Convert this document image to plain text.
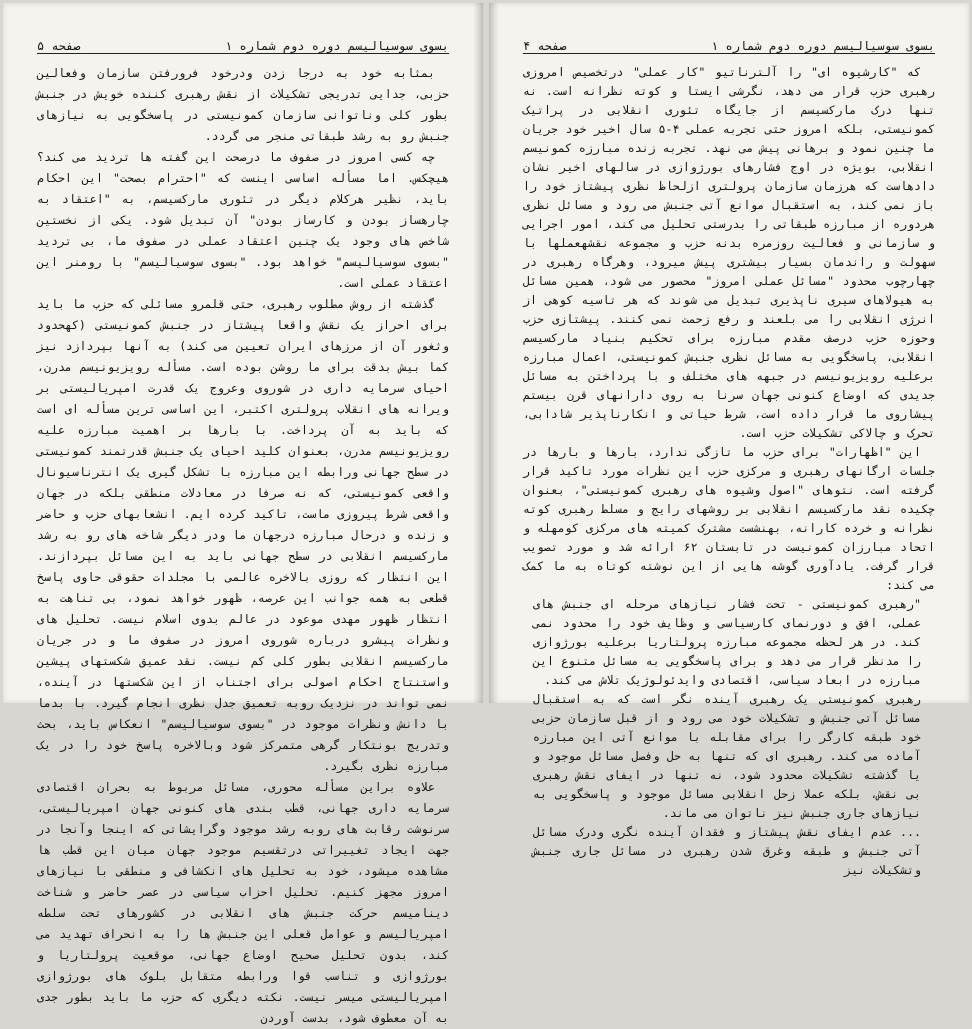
بسوی سوسیالیسم دوره دوم شماره ۱
صفحه ۵

بمثابه خود به درجا زدن ودرخود فرورفتن سازمان وفعالین حزبی، جدایی تدریجی تشکیلات از نقش رهبری کننده خویش در جنبش بطور کلی وناتوانی سازمان کمونیستی در پاسخگویی به نیازهای جنبش رو به رشد طبقاتی منجر می گردد.

چه کسی امروز در صفوف ما درصحت این گفته ها تردید می کند؟ هیچکس. اما مسأله اساسی اینست که "احترام بصحت" این احکام باید، نظیر هرکلام دیگر در تئوری مارکسیسم، به "اعتقاد به چارهساز بودن و کارساز بودن" آن تبدیل شود. یکی از نخستین شاخص های وجود یک چنین اعتقاد عملی در صفوف ما، بی تردید "بسوی سوسیالیسم" خواهد بود. "بسوی سوسیالیسم" با رومنر این اعتقاد عملی است.

گذشته از روش مطلوب رهبری، حتی قلمرو مسائلی که حزب ما باید برای احراز یک نقش واقعا پیشتاز در جنبش کمونیستی (کهحدود وثغور آن از مرزهای ایران تعیین می کند) به آنها بپردازد نیز کما بیش بدقت برای ما روشن بوده است. مسأله رویزیونیسم مدرن، احیای سرمایه داری در شوروی وعروج یک قدرت امپریالیستی بر ویرانه های انقلاب پرولتری اکتبر، این اساسی ترین مسأله ای است که باید به آن پرداخت. با بارها بر اهمیت مبارزه علیه رویزیونیسم مدرن، بعنوان کلید احیای یک جنبش قدرتمند کمونیستی در سطح جهانی ورابطه این مبارزه با تشکل گیری یک انترناسیونال واقعی کمونیستی، که نه صرفا در معادلات منطقی بلکه در جهان واقعی شرط پیروزی ماست، تاکید کرده ایم. انشعابهای حزب و حاضر و زنده و درحال مبارزه درجهان ما ودر دیگر شاخه های رو به رشد مارکسیسم انقلابی در سطح جهانی باید به این مسائل بپردازند. این انتظار که روزی بالاخره عالمی با مجلدات حقوقی حاوی پاسخ قطعی به همه جوانب این عرصه، ظهور خواهد نمود، بی تناهت به انتظار ظهور مهدی موعود در عالم بدوی اسلام نیست. تحلیل های ونظرات پیشرو درباره شوروی امروز در صفوف ما و در جریان مارکسیسم انقلابی بطور کلی کم نیست. نقد عمیق شکستهای پیشین واستنتاج احکام اصولی برای اجتناب از این شکستها در آینده، نمی تواند در نزدیک روبه تعمیق جدل نظری انجام گیرد. با بدما با دانش ونظرات موجود در "بسوی سوسیالیسم" انعکاس باید، بحث وتدریج بونتکار گرهی متمرکز شود وبالاخره پاسخ خود را در یک مبارزه نظری بگیرد.

علاوه براین مسأله محوری، مسائل مربوط به بحران اقتصادی سرمایه داری جهانی، قطب بندی های کنونی جهان امپریالیستی، سرنوشت رقابت های روبه رشد موجود وگرایشاتی که اینجا وآنجا در جهت ایجاد تغییراتی درتقسیم موجود جهان میان این قطب ها مشاهده میشود، خود به تحلیل های انکشافی و منطقی با نیازهای امروز مجهز کنیم. تحلیل احزاب سیاسی در عصر حاضر و شناخت دینامیسم حرکت جنبش های انقلابی در کشورهای تحت سلطه امپریالیسم و عوامل قعلی این جنبش ها را به انحراف تهدید می کند، بدون تحلیل صحیح اوضاع جهانی، موقعیت پرولتاریا و بورژوازی و تناسب قوا ورابطه متقابل بلوک های بورژوازی امپریالیستی میسر نیست. نکته دیگری که حزب ما باید بطور جدی به آن معطوف شود، بدست آوردن

بسوی سوسیالیسم دوره دوم شماره ۱
صفحه ۴

که "کارشیوه ای" را آلترناتیو "کار عملی" درتخصیص امروزی رهبری حزب قرار می دهد، نگرشی ایستا و کوته نظرانه است. نه تنها درک مارکسیسم از جایگاه تئوری انقلابی در پراتیک کمونیستی، بلکه امروز حتی تجربه عملی ۴-۵ سال اخیر خود جریان ما چنین نمود و برهانی پیش می نهد. تجربه زنده مبارزه کمونیسم انقلابی، بویژه در اوج فشارهای بورژوازی در سالهای اخیر نشان دادهاست که هرزمان سازمان پرولتری ازلحاظ نظری پیشتاز خود را باز نمی کند، به استقبال موانع آتی جنبش می رود و مسائل نظری هردوره از مبارزه طبقاتی را بدرستی تحلیل می کند، امور اجرایی و سازمانی و فعالیت روزمره بدنه حزب و مجموعه نقشهعملها با سهولت و راندمان بسیار بیشتری پیش میرود، وهرگاه رهبری در چهارچوب محدود "مسائل عملی امروز" محصور می شود، همین مسائل به هیولاهای سیری ناپذیری تبدیل می شوند که هر تاسیه کوهی از انرژی انقلابی را می بلعند و رفع زحمت نمی کنند. پیشتازی حزب وحوزه حزب درصف مقدم مبارزه برای تحکیم بنیاد مارکسیسم انقلابی، پاسخگویی به مسائل نظری جنبش کمونیستی، اعمال مبارزه برعلیه رویزیونیسم در جبهه های مختلف و با پرداختن به مسائل جدیدی که اوضاع کنونی جهان سرنا به روی دارانهای قرن بیستم پیشاروی ما قرار داده است، شرط حیاتی و انکارناپذیر شادابی، تحرک و چالاکی تشکیلات حزب است.

این "اظهارات" برای حزب ما تازگی ندارد، بارها و بارها در جلسات ارگانهای رهبری و مرکزی حزب این نظرات مورد تاکید قرار گرفته است. نتوهای "اصول وشیوه های رهبری کمونیستی"، بعنوان چکیده نقد مارکسیسم انقلابی بر روشهای رایج و مسلط رهبری کوته نظرانه و خرده کارانه، بهنشست مشترک کمیته های مرکزی کومهله و اتحاد مبارزان کمونیست در تابستان ۶۲ ارائه شد و مورد تصویب قرار گرفت. یادآوری گوشه هایی از این نوشته کوتاه به ما کمک می کند:

"رهبری کمونیستی - تحت فشار نیازهای مرحله ای جنبش های عملی، افق و دورنمای کارسیاسی و وظایف خود را محدود نمی کند. در هر لحظه مجموعه مبارزه پرولتاریا برعلیه بورژوازی را مدنظر قرار می دهد و برای پاسخگویی به مسائل متنوع این مبارزه در ابعاد سیاسی، اقتصادی وایدئولوژیک تلاش می کند.

رهبری کمونیستی یک رهبری آینده نگر است که به استقبال مسائل آتی جنبش و تشکیلات خود می رود و از قبل سازمان حزبی خود طبقه کارگر را برای مقابله با موانع آتی این مبارزه آماده می کند. رهبری ای که تنها به حل وفصل مسائل موجود و یا گذشته تشکیلات محدود شود، نه تنها در ایفای نقش رهبری بی نقش، بلکه عملا زحل انقلابی مسائل موجود و پاسخگویی به نیازهای جاری جنبش نیز ناتوان می ماند.

... عدم ایفای نقش پیشتاز و فقدان آینده نگری ودرک مسائل آتی جنبش و طبقه وغرق شدن رهبری در مسائل جاری جنبش وتشکیلات نیز
